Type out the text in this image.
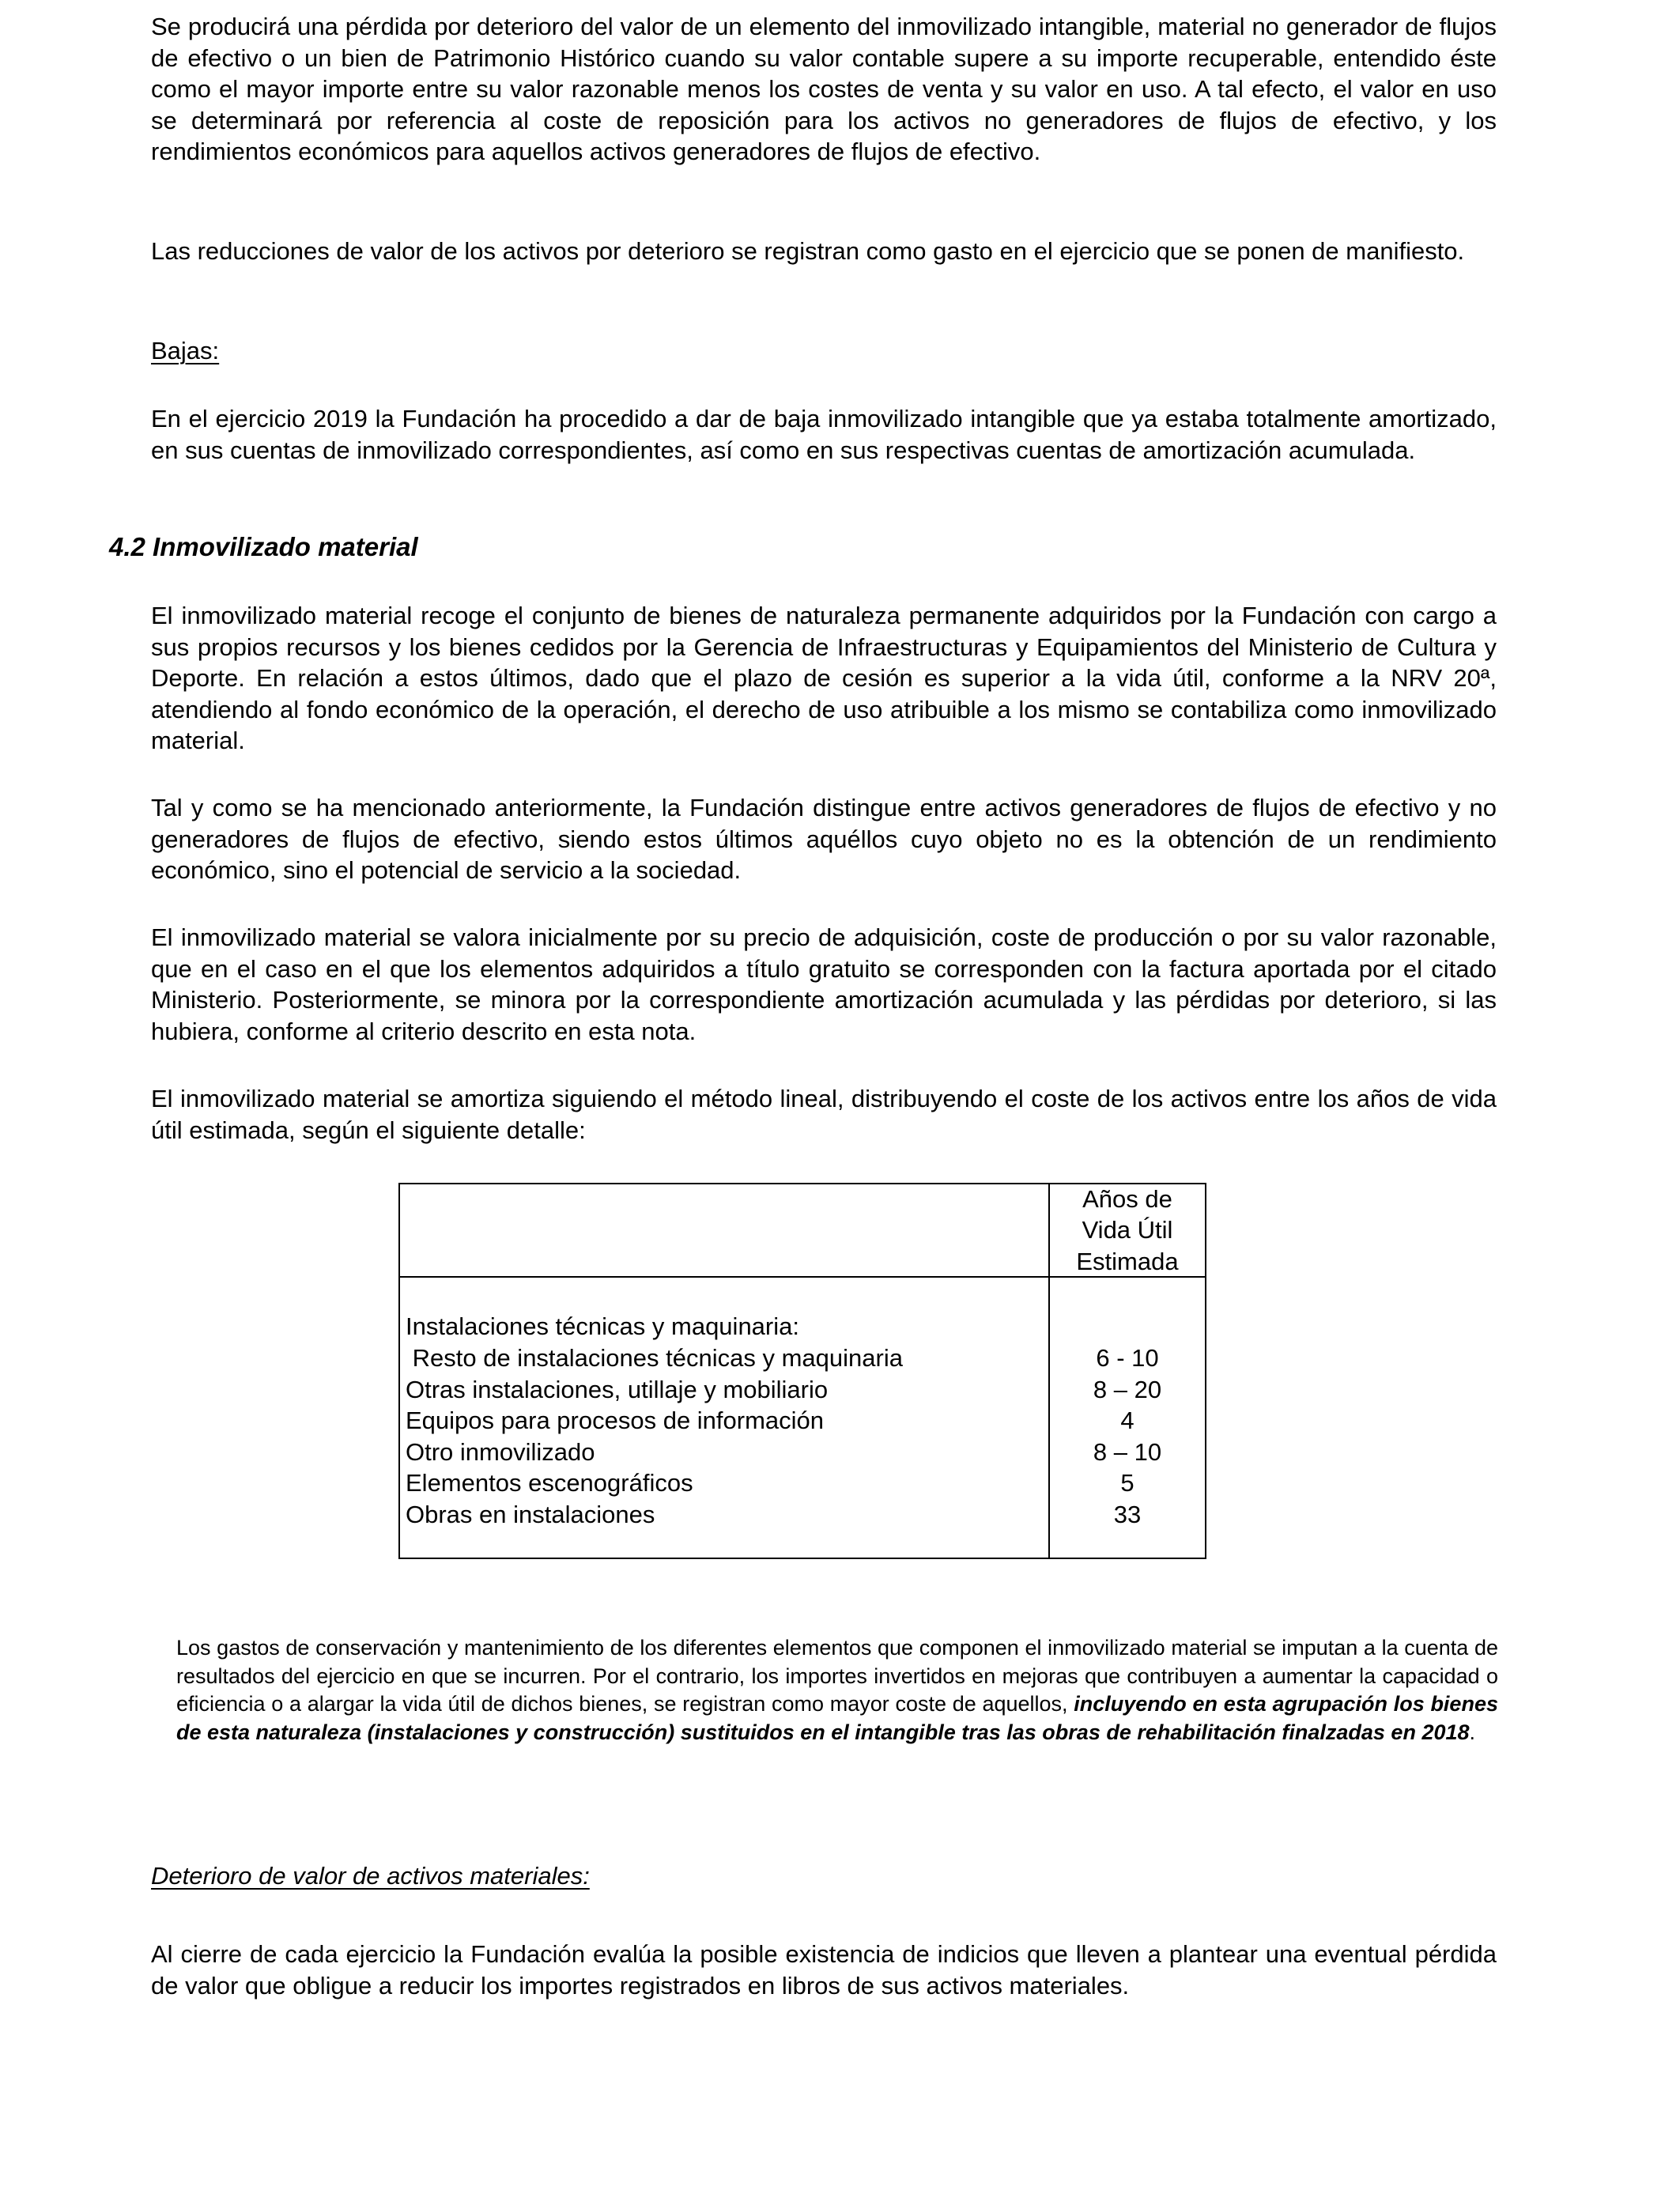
Se producirá una pérdida por deterioro del valor de un elemento del inmovilizado intangible, material no generador de flujos de efectivo o un bien de Patrimonio Histórico cuando su valor contable supere a su importe recuperable, entendido éste como el mayor importe entre su valor razonable menos los costes de venta y su valor en uso. A tal efecto, el valor en uso se determinará por referencia al coste de reposición para los activos no generadores de flujos de efectivo, y los rendimientos económicos para aquellos activos generadores de flujos de efectivo.

Las reducciones de valor de los activos por deterioro se registran como gasto en el ejercicio que se ponen de manifiesto.

Bajas:

En el ejercicio 2019 la Fundación ha procedido a dar de baja inmovilizado intangible que ya estaba totalmente amortizado, en sus cuentas de inmovilizado correspondientes, así como en sus respectivas cuentas de amortización acumulada.

4.2 Inmovilizado material

El inmovilizado material recoge el conjunto de bienes de naturaleza permanente adquiridos por la Fundación con cargo a sus propios recursos y los bienes cedidos por la Gerencia de Infraestructuras y Equipamientos del Ministerio de Cultura y Deporte. En relación a estos últimos, dado que el plazo de cesión es superior a la vida útil, conforme a la NRV 20ª, atendiendo al fondo económico de la operación, el derecho de uso atribuible a los mismo se contabiliza como inmovilizado material.

Tal y como se ha mencionado anteriormente, la Fundación distingue entre activos generadores de flujos de efectivo y no generadores de flujos de efectivo, siendo estos últimos aquéllos cuyo objeto no es la obtención de un rendimiento económico, sino el potencial de servicio a la sociedad.

El inmovilizado material se valora inicialmente por su precio de adquisición, coste de producción o por su valor razonable, que en el caso en el que los elementos adquiridos a título gratuito se corresponden con la factura aportada por el citado Ministerio. Posteriormente, se minora por la correspondiente amortización acumulada y las pérdidas por deterioro, si las hubiera, conforme al criterio descrito en esta nota.

El inmovilizado material se amortiza siguiendo el método lineal, distribuyendo el coste de los activos entre los años de vida útil estimada, según el siguiente detalle:

Años de
Vida Útil
Estimada
Instalaciones técnicas y maquinaria:
Resto de instalaciones técnicas y maquinaria	6 - 10
Otras instalaciones, utillaje y mobiliario	8 – 20
Equipos para procesos de información	4
Otro inmovilizado	8 – 10
Elementos escenográficos	5
Obras en instalaciones	33

Los gastos de conservación y mantenimiento de los diferentes elementos que componen el inmovilizado material se imputan a la cuenta de resultados del ejercicio en que se incurren. Por el contrario, los importes invertidos en mejoras que contribuyen a aumentar la capacidad o eficiencia o a alargar la vida útil de dichos bienes, se registran como mayor coste de aquellos, incluyendo en esta agrupación los bienes de esta naturaleza (instalaciones y construcción) sustituidos en el intangible tras las obras de rehabilitación finalzadas en 2018.

Deterioro de valor de activos materiales:

Al cierre de cada ejercicio la Fundación evalúa la posible existencia de indicios que lleven a plantear una eventual pérdida de valor que obligue a reducir los importes registrados en libros de sus activos materiales.
